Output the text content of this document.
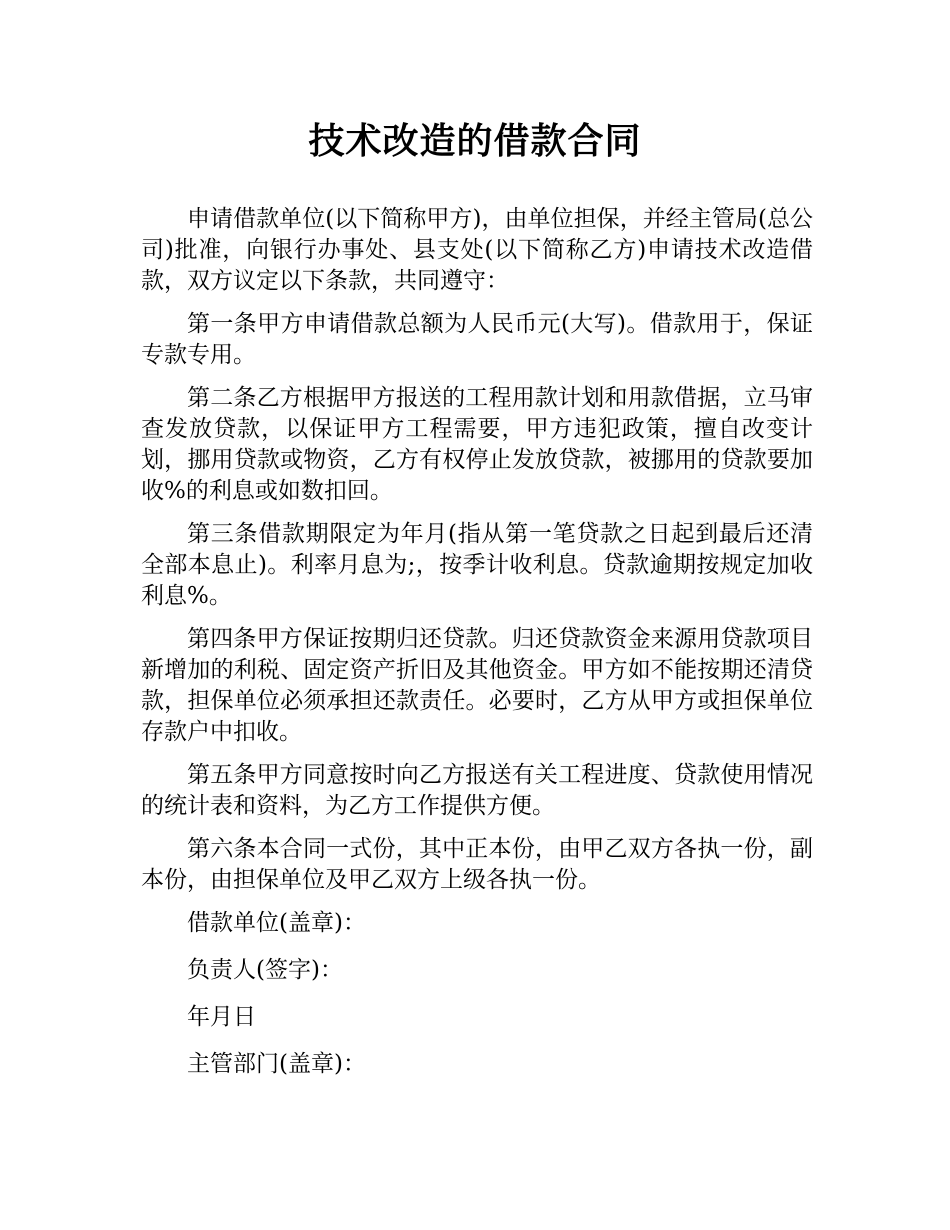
技术改造的借款合同

申请借款单位(以下简称甲方)，由单位担保，并经主管局(总公司)批准，向银行办事处、县支处(以下简称乙方)申请技术改造借款，双方议定以下条款，共同遵守：

第一条甲方申请借款总额为人民币元(大写)。借款用于，保证专款专用。

第二条乙方根据甲方报送的工程用款计划和用款借据，立马审查发放贷款，以保证甲方工程需要，甲方违犯政策，擅自改变计划，挪用贷款或物资，乙方有权停止发放贷款，被挪用的贷款要加收%的利息或如数扣回。

第三条借款期限定为年月(指从第一笔贷款之日起到最后还清全部本息止)。利率月息为;，按季计收利息。贷款逾期按规定加收利息%。

第四条甲方保证按期归还贷款。归还贷款资金来源用贷款项目新增加的利税、固定资产折旧及其他资金。甲方如不能按期还清贷款，担保单位必须承担还款责任。必要时，乙方从甲方或担保单位存款户中扣收。

第五条甲方同意按时向乙方报送有关工程进度、贷款使用情况的统计表和资料，为乙方工作提供方便。

第六条本合同一式份，其中正本份，由甲乙双方各执一份，副本份，由担保单位及甲乙双方上级各执一份。

借款单位(盖章)：

负责人(签字)：

年月日

主管部门(盖章)：
